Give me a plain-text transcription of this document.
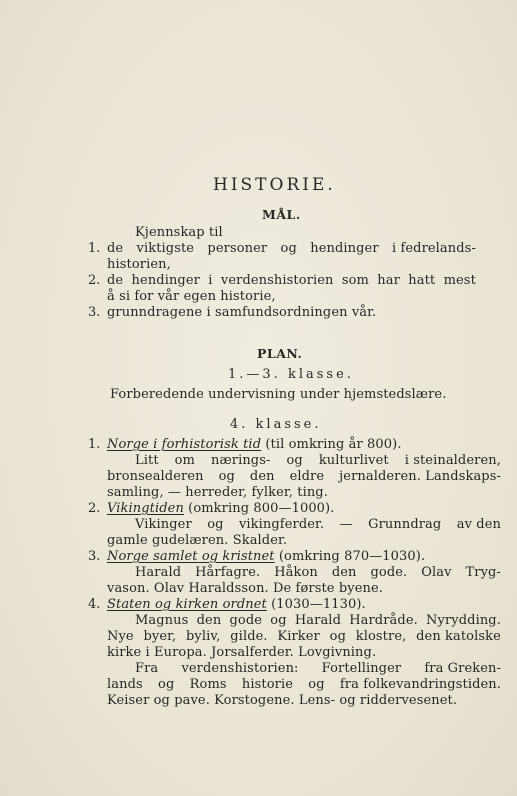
HISTORIE.
MÅL.
Kjennskap til
1. de viktigste personer og hendinger i fedrelands-
historien,
2. de hendinger i verdenshistorien som har hatt mest
å si for vår egen historie,
3. grunndragene i samfundsordningen vår.
PLAN.
1.—3. klasse.
Forberedende undervisning under hjemstedslære.
4. klasse.
1. Norge i forhistorisk tid (til omkring år 800).
Litt om nærings- og kulturlivet i steinalderen,
bronsealderen og den eldre jernalderen. Landskaps-
samling, — herreder, fylker, ting.
2. Vikingtiden (omkring 800—1000).
Vikinger og vikingferder. — Grunndrag av den
gamle gudelæren. Skalder.
3. Norge samlet og kristnet (omkring 870—1030).
Harald Hårfagre. Håkon den gode. Olav Tryg-
vason. Olav Haraldsson. De første byene.
4. Staten og kirken ordnet (1030—1130).
Magnus den gode og Harald Hardråde. Nyrydding.
Nye byer, byliv, gilde. Kirker og klostre, den katolske
kirke i Europa. Jorsalferder. Lovgivning.
Fra verdenshistorien: Fortellinger fra Greken-
lands og Roms historie og fra folkevandringstiden.
Keiser og pave. Korstogene. Lens- og riddervesenet.
